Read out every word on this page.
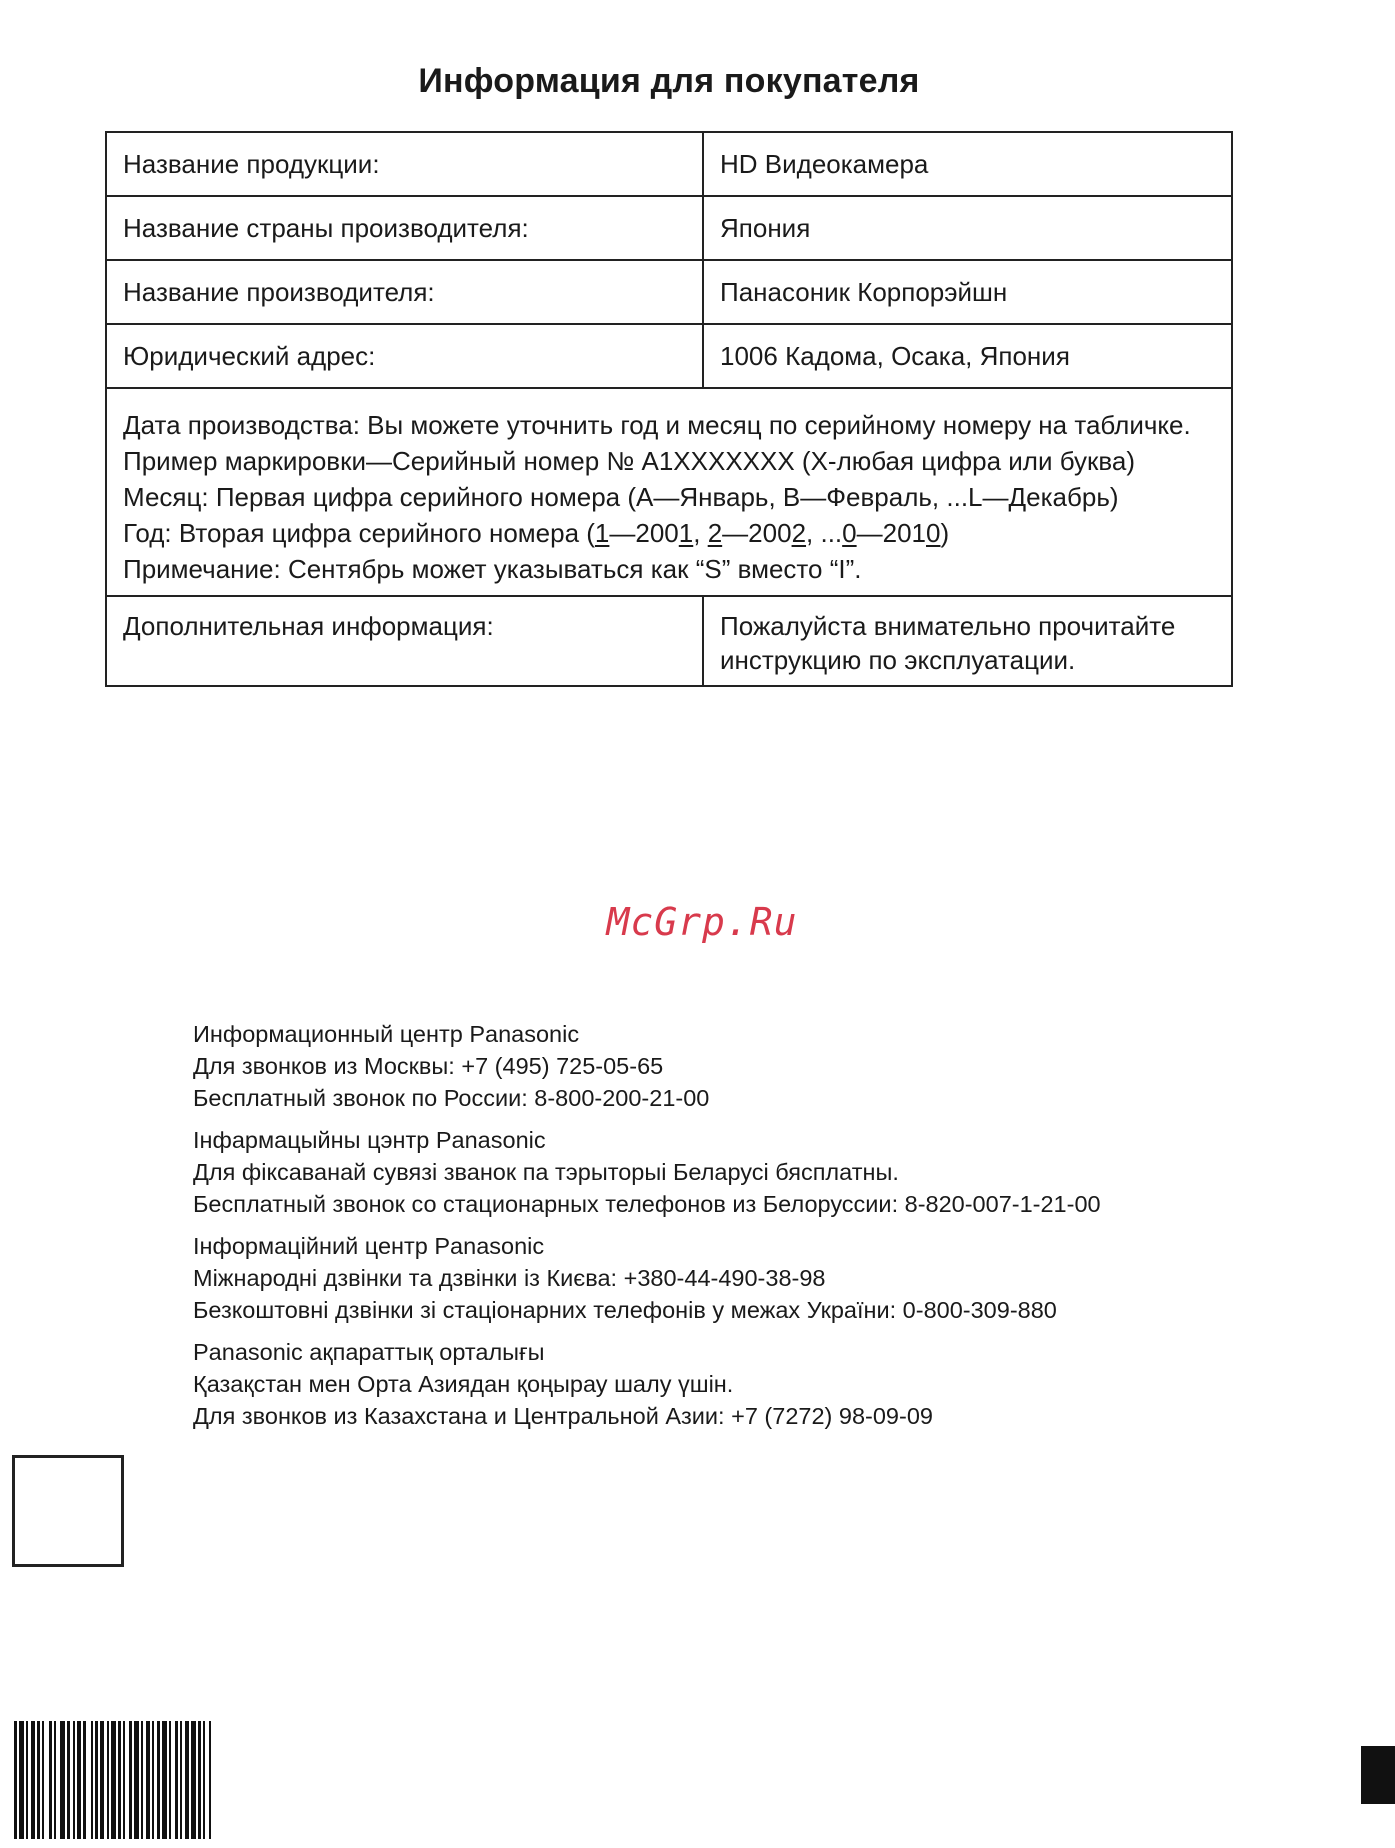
Информация для покупателя
Название продукции:	HD Видеокамера
Название страны производителя:	Япония
Название производителя:	Панасоник Корпорэйшн
Юридический адрес:	1006 Кадома, Осака, Япония

Дата производства: Вы можете уточнить год и месяц по серийному номеру на табличке.
Пример маркировки—Серийный номер № A1XXXXXXX (X-любая цифра или буква)
Месяц: Первая цифра серийного номера (A—Январь, B—Февраль, ...L—Декабрь)
Год: Вторая цифра серийного номера (1—2001, 2—2002, ...0—2010)
Примечание: Сентябрь может указываться как “S” вместо “I”.	

Дополнительная информация:	Пожалуйста внимательно прочитайте
инструкцию по эксплуатации.
McGrp.Ru
Информационный центр Panasonic
Для звонков из Москвы: +7 (495) 725-05-65
Бесплатный звонок по России: 8-800-200-21-00
Iнфармацыйны цэнтр Panasonic
Для фiксаванай сувязi званок па тэрыторыi Беларусi бясплатны.
Бесплатный звонок со стационарных телефонов из Белоруссии: 8-820-007-1-21-00
Iнформацiйний центр Panasonic
Мiжнароднi дзвiнки та дзвiнки iз Києва: +380-44-490-38-98
Безкоштовнi дзвiнки зi стацiонарних телефонiв у межах України: 0-800-309-880
Panasonic ақпараттық орталығы
Қазақстан мен Орта Азиядан қоңырау шалу үшін.
Для звонков из Казахстана и Центральной Азии: +7 (7272) 98-09-09
